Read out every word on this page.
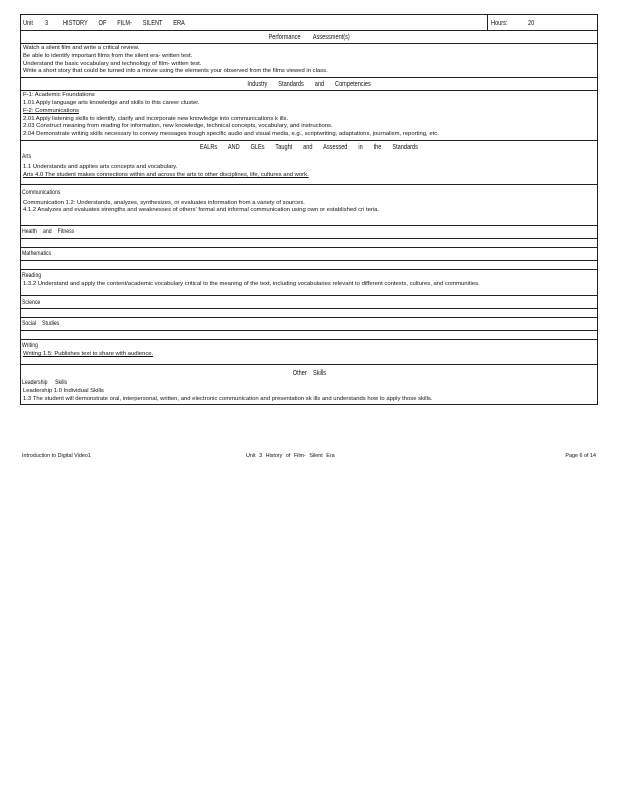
Unit 3 HISTORY OF FILM- SILENT ERA	Hours:	20
Performance Assessment(s)
Watch a silent film and write a critical review.
Be able to identify important films from the silent era- written test.
Understand the basic vocabulary and technology of film- written test.
Write a short story that could be turned into a movie using the elements your observed from the films viewed in class.
Industry Standards and Competencies
F-1: Academic Foundations
1.01 Apply language arts knowledge and skills to this career cluster.
F-2: Communications
2.01 Apply listening skills to identify, clarify and incorporate new knowledge into communications k ills.
2.03 Construct meaning from reading for information, new knowledge, technical concepts, vocabulary, and instructions.
2.04 Demonstrate writing skills necessary to convey messages trough specific audio and visual media, e.g., scriptwriting, adaptations, journalism, reporting, etc.
EALRs AND GLEs Taught and Assessed in the Standards
Arts
1.1 Understands and applies arts concepts and vocabulary.
Arts 4.0 The student makes connections within and across the arts to other disciplines, life, cultures and work.
Communications
Communication 1.2: Understands, analyzes, synthesizes, or evaluates information from a variety of sources.
4.1.2 Analyzes and evaluates strengths and weaknesses of others' formal and informal communication using own or established cri teria.
Health and Fitness
Mathematics
Reading
1.3.2 Understand and apply the content/academic vocabulary critical to the meaning of the text, including vocabularies relevant to different contexts, cultures, and communities.
Science
Social Studies
Writing
Writing 1.5: Publishes text to share with audience.
Other Skills
Leadership Skills
Leadership 1.0 Individual Skills
1.3 The student will demonstrate oral, interpersonal, written, and electronic communication and presentation sk ills and understands how to apply those skills.
Introduction to Digital Video1	Unit 3 History of Film- Silent Era	Page 6 of 14
